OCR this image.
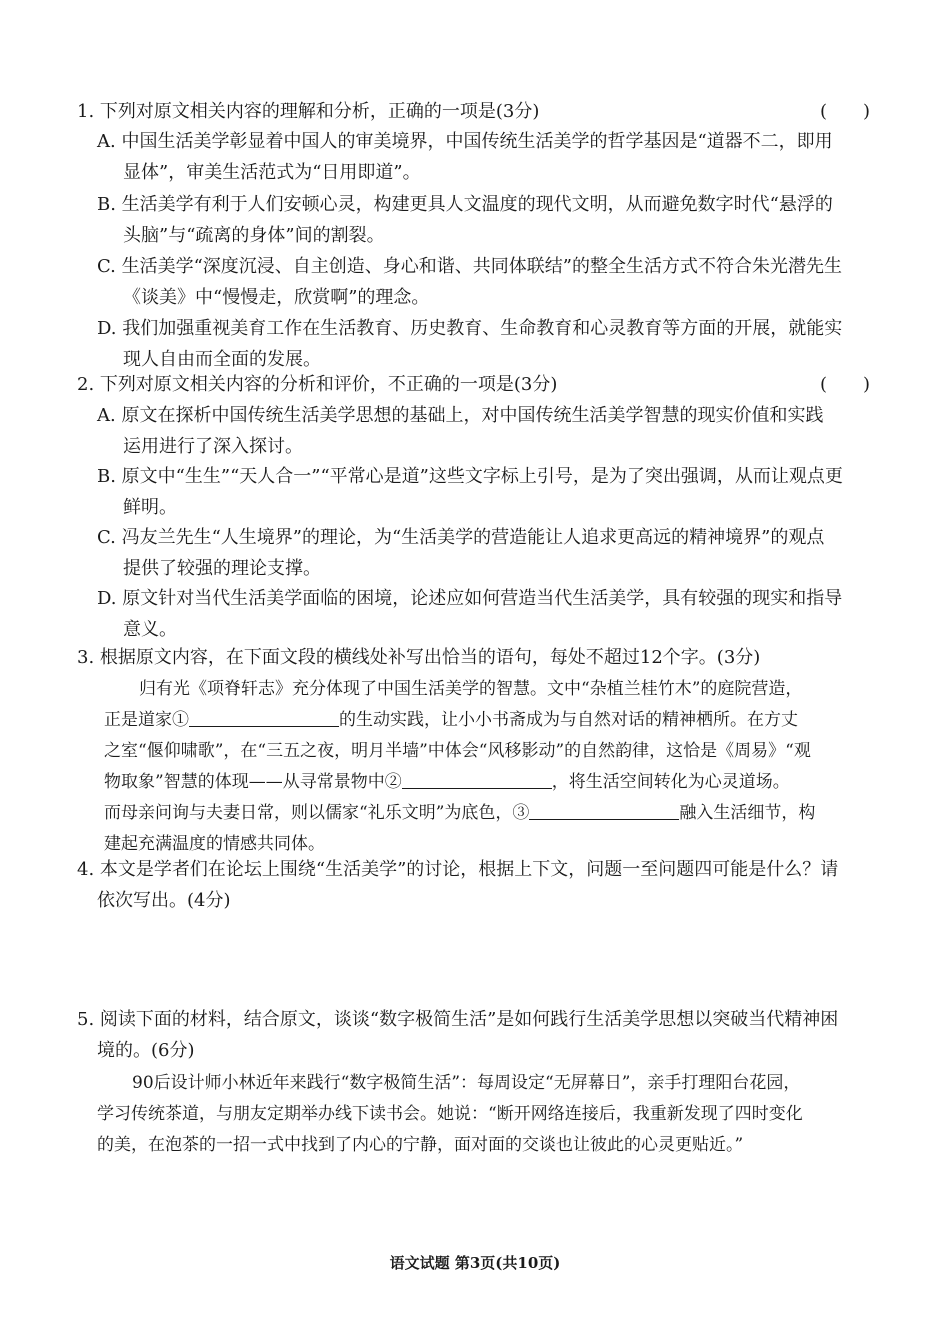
1. 下列对原文相关内容的理解和分析，正确的一项是(3分)	(　　)
A. 中国生活美学彰显着中国人的审美境界，中国传统生活美学的哲学基因是“道器不二，即用
显体”，审美生活范式为“日用即道”。
B. 生活美学有利于人们安顿心灵，构建更具人文温度的现代文明，从而避免数字时代“悬浮的
头脑”与“疏离的身体”间的割裂。
C. 生活美学“深度沉浸、自主创造、身心和谐、共同体联结”的整全生活方式不符合朱光潜先生
《谈美》中“慢慢走，欣赏啊”的理念。
D. 我们加强重视美育工作在生活教育、历史教育、生命教育和心灵教育等方面的开展，就能实
现人自由而全面的发展。
2. 下列对原文相关内容的分析和评价，不正确的一项是(3分)	(　　)
A. 原文在探析中国传统生活美学思想的基础上，对中国传统生活美学智慧的现实价值和实践
运用进行了深入探讨。
B. 原文中“生生”“天人合一”“平常心是道”这些文字标上引号，是为了突出强调，从而让观点更
鲜明。
C. 冯友兰先生“人生境界”的理论，为“生活美学的营造能让人追求更高远的精神境界”的观点
提供了较强的理论支撑。
D. 原文针对当代生活美学面临的困境，论述应如何营造当代生活美学，具有较强的现实和指导
意义。
3. 根据原文内容，在下面文段的横线处补写出恰当的语句，每处不超过12个字。(3分)
归有光《项脊轩志》充分体现了中国生活美学的智慧。文中“杂植兰桂竹木”的庭院营造，
正是道家①	的生动实践，让小小书斋成为与自然对话的精神栖所。在方丈
之室“偃仰啸歌”，在“三五之夜，明月半墙”中体会“风移影动”的自然韵律，这恰是《周易》“观
物取象”智慧的体现——从寻常景物中②	，将生活空间转化为心灵道场。
而母亲问询与夫妻日常，则以儒家“礼乐文明”为底色，③	融入生活细节，构
建起充满温度的情感共同体。
4. 本文是学者们在论坛上围绕“生活美学”的讨论，根据上下文，问题一至问题四可能是什么？请
依次写出。(4分)
5. 阅读下面的材料，结合原文，谈谈“数字极简生活”是如何践行生活美学思想以突破当代精神困
境的。(6分)
90后设计师小林近年来践行“数字极简生活”：每周设定“无屏幕日”，亲手打理阳台花园，
学习传统茶道，与朋友定期举办线下读书会。她说：“断开网络连接后，我重新发现了四时变化
的美，在泡茶的一招一式中找到了内心的宁静，面对面的交谈也让彼此的心灵更贴近。”
语文试题 第3页(共10页)
